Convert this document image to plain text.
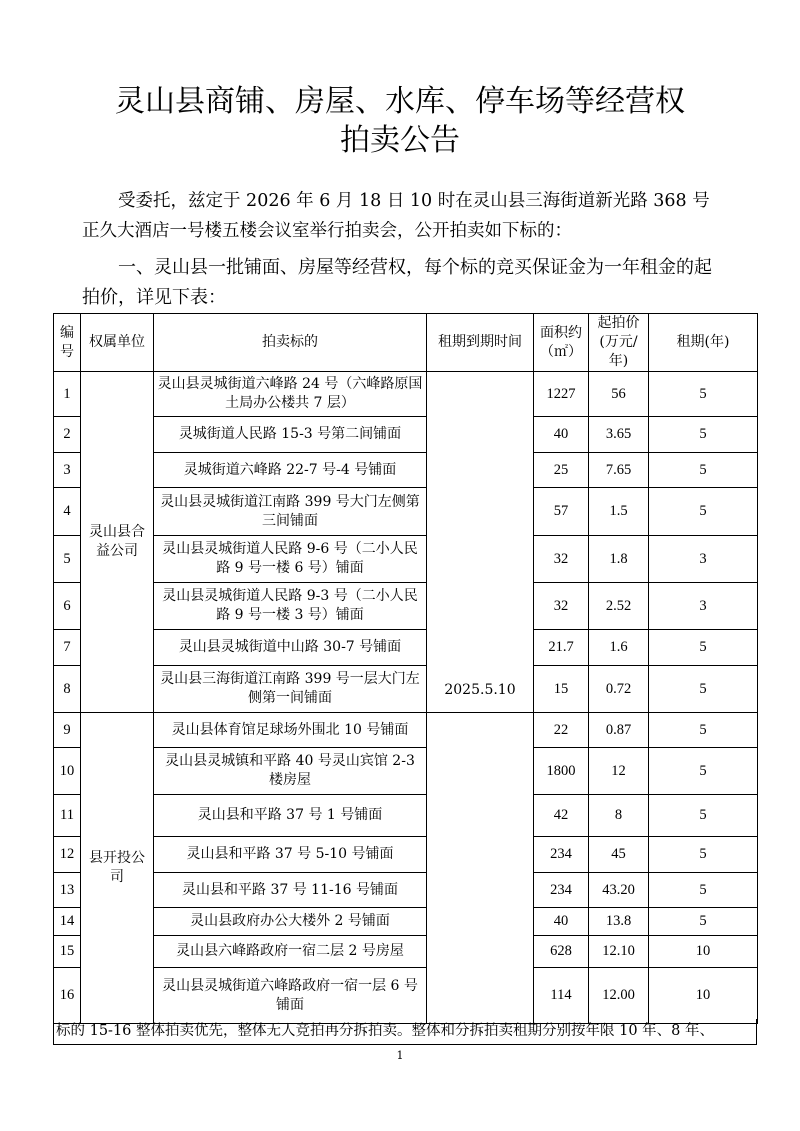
灵山县商铺、房屋、水库、停车场等经营权
拍卖公告

受委托，兹定于 2026 年 6 月 18 日 10 时在灵山县三海街道新光路 368 号正久大酒店一号楼五楼会议室举行拍卖会，公开拍卖如下标的：

一、灵山县一批铺面、房屋等经营权，每个标的竞买保证金为一年租金的起拍价，详见下表：

编号	权属单位	拍卖标的	租期到期时间	面积约（㎡）	起拍价(万元/年)	租期(年)
1	灵山县合益公司	灵山县灵城街道六峰路 24 号（六峰路原国土局办公楼共 7 层）	2025.5.10	1227	56	5
2		灵城街道人民路 15-3 号第二间铺面		40	3.65	5
3		灵城街道六峰路 22-7 号-4 号铺面		25	7.65	5
4		灵山县灵城街道江南路 399 号大门左侧第三间铺面		57	1.5	5
5		灵山县灵城街道人民路 9-6 号（二小人民路 9 号一楼 6 号）铺面		32	1.8	3
6		灵山县灵城街道人民路 9-3 号（二小人民路 9 号一楼 3 号）铺面		32	2.52	3
7		灵山县灵城街道中山路 30-7 号铺面		21.7	1.6	5
8		灵山县三海街道江南路 399 号一层大门左侧第一间铺面		15	0.72	5
9	县开投公司	灵山县体育馆足球场外围北 10 号铺面		22	0.87	5
10		灵山县灵城镇和平路 40 号灵山宾馆 2-3 楼房屋		1800	12	5
11		灵山县和平路 37 号 1 号铺面		42	8	5
12		灵山县和平路 37 号 5-10 号铺面		234	45	5
13		灵山县和平路 37 号 11-16 号铺面		234	43.20	5
14		灵山县政府办公大楼外 2 号铺面		40	13.8	5
15		灵山县六峰路政府一宿二层 2 号房屋		628	12.10	10
16		灵山县灵城街道六峰路政府一宿一层 6 号铺面		114	12.00	10
标的 15-16 整体拍卖优先，整体无人竞拍再分拆拍卖。整体和分拆拍卖租期分别按年限 10 年、8 年、
1
